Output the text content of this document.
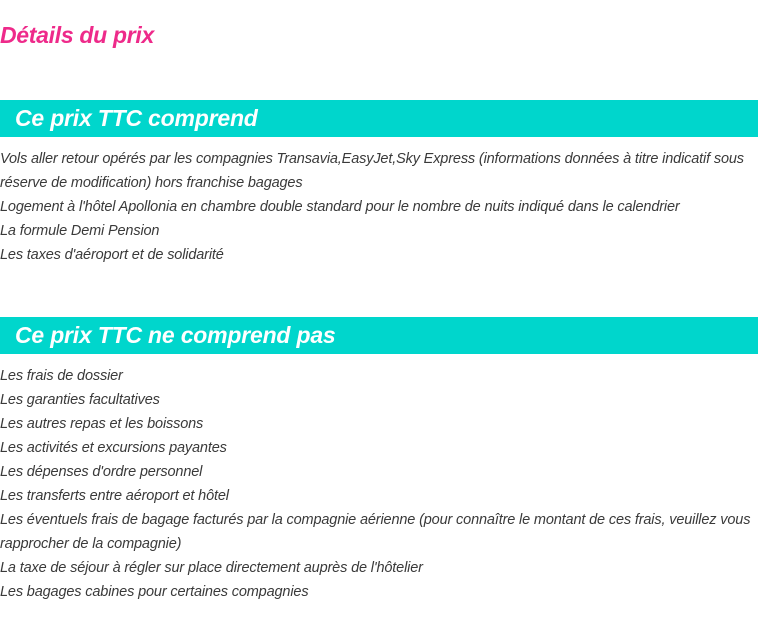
Détails du prix
Ce prix TTC comprend
Vols aller retour opérés par les compagnies Transavia,EasyJet,Sky Express (informations données à titre indicatif sous réserve de modification) hors franchise bagages
Logement à l'hôtel Apollonia en chambre double standard pour le nombre de nuits indiqué dans le calendrier
La formule Demi Pension
Les taxes d'aéroport et de solidarité
Ce prix TTC ne comprend pas
Les frais de dossier
Les garanties facultatives
Les autres repas et les boissons
Les activités et excursions payantes
Les dépenses d'ordre personnel
Les transferts entre aéroport et hôtel
Les éventuels frais de bagage facturés par la compagnie aérienne (pour connaître le montant de ces frais, veuillez vous rapprocher de la compagnie)
La taxe de séjour à régler sur place directement auprès de l'hôtelier
Les bagages cabines pour certaines compagnies
